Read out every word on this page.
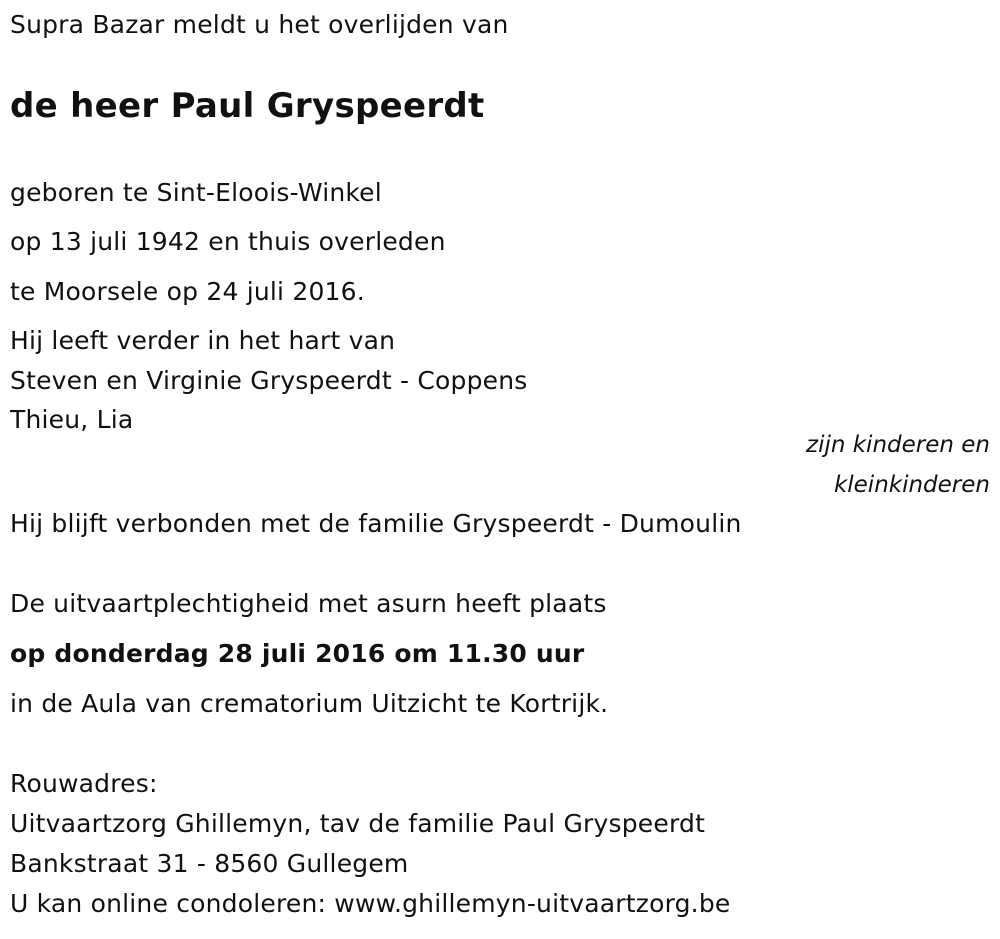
Supra Bazar meldt u het overlijden van
de heer Paul Gryspeerdt
geboren te Sint-Eloois-Winkel
op 13 juli 1942 en thuis overleden
te Moorsele op 24 juli 2016.
Hij leeft verder in het hart van
Steven en Virginie Gryspeerdt - Coppens
Thieu, Lia
zijn kinderen en
kleinkinderen
Hij blijft verbonden met de familie Gryspeerdt - Dumoulin
De uitvaartplechtigheid met asurn heeft plaats
op donderdag 28 juli 2016 om 11.30 uur
in de Aula van crematorium Uitzicht te Kortrijk.
Rouwadres:
Uitvaartzorg Ghillemyn, tav de familie Paul Gryspeerdt
Bankstraat 31 - 8560 Gullegem
U kan online condoleren: www.ghillemyn-uitvaartzorg.be
